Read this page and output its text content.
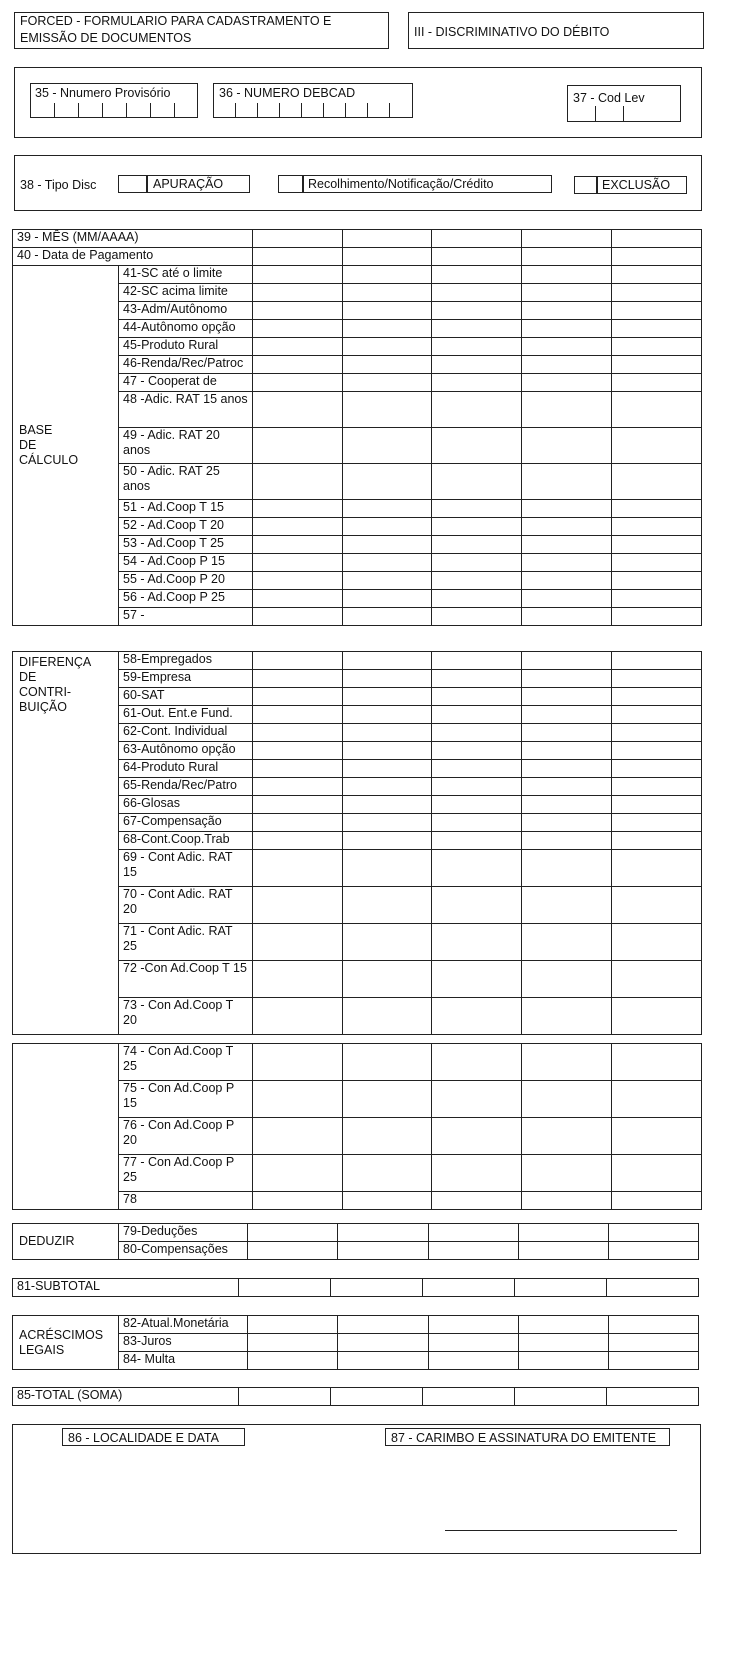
FORCED - FORMULARIO PARA CADASTRAMENTO E
EMISSÃO DE DOCUMENTOS	III - DISCRIMINATIVO DO DÉBITO
35 - Nnumero Provisório	36 - NUMERO DEBCAD	37 - Cod Lev
38 - Tipo Disc	APURAÇÃO	Recolhimento/Notificação/Crédito	EXCLUSÃO
39 - MÊS (MM/AAAA)						
40 - Data de Pagamento						

BASE
DE
CÁLCULO	41-SC até o limite					
	42-SC acima limite					
	43-Adm/Autônomo					
	44-Autônomo opção					
	45-Produto Rural					
	46-Renda/Rec/Patroc					
	47 - Cooperat de					
	48 -Adic. RAT 15 anos					
	49 - Adic. RAT 20 anos					
	50 - Adic. RAT 25 anos					
	51 - Ad.Coop T 15					
	52 - Ad.Coop T 20					
	53 - Ad.Coop T 25					
	54 - Ad.Coop P 15					
	55 - Ad.Coop P 20					
	56 - Ad.Coop P 25					
	57 -					
DIFERENÇA
DE
CONTRI-
BUIÇÃO	58-Empregados					
	59-Empresa					
	60-SAT					
	61-Out. Ent.e Fund.					
	62-Cont. Individual					
	63-Autônomo opção					
	64-Produto Rural					
	65-Renda/Rec/Patro					
	66-Glosas					
	67-Compensação					
	68-Cont.Coop.Trab					
	69 - Cont Adic. RAT 15					
	70 - Cont Adic. RAT 20					
	71 - Cont Adic. RAT 25					
	72 -Con Ad.Coop T 15					
	73 - Con Ad.Coop T 20					
	74 - Con Ad.Coop T 25					
	75 - Con Ad.Coop P 15					
	76 - Con Ad.Coop P 20					
	77 - Con Ad.Coop P 25					
	78					
DEDUZIR	79-Deduções					
	80-Compensações					
81-SUBTOTAL					
ACRÉSCIMOS
LEGAIS	82-Atual.Monetária					
	83-Juros					
	84- Multa					
85-TOTAL (SOMA)					
86 - LOCALIDADE E DATA	87 - CARIMBO E ASSINATURA DO EMITENTE
